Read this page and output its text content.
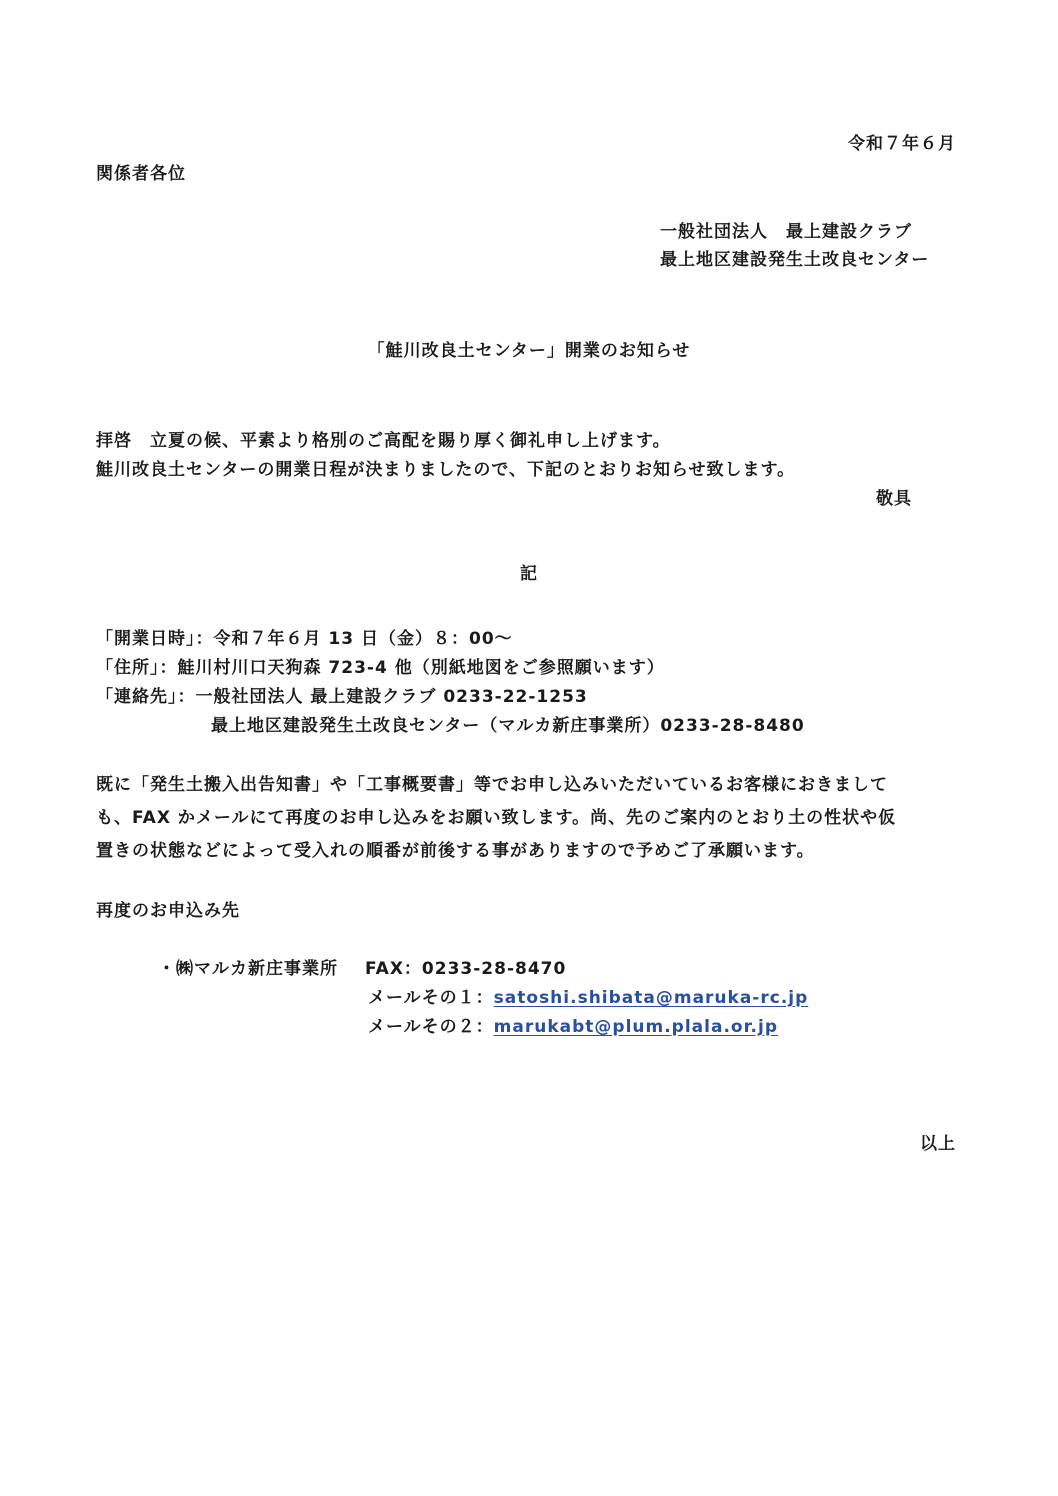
令和７年６月
関係者各位
一般社団法人　最上建設クラブ
最上地区建設発生土改良センター
「鮭川改良土センター」開業のお知らせ
拝啓　立夏の候、平素より格別のご高配を賜り厚く御礼申し上げます。
鮭川改良土センターの開業日程が決まりましたので、下記のとおりお知らせ致します。
敬具
記
「開業日時」：令和７年６月 13 日（金）８：00～
「住所」：鮭川村川口天狗森 723-4 他（別紙地図をご参照願います）
「連絡先」：一般社団法人 最上建設クラブ 0233-22-1253
最上地区建設発生土改良センター（マルカ新庄事業所）0233-28-8480
既に「発生土搬入出告知書」や「工事概要書」等でお申し込みいただいているお客様におきまして
も、FAX かメールにて再度のお申し込みをお願い致します。尚、先のご案内のとおり土の性状や仮
置きの状態などによって受入れの順番が前後する事がありますので予めご了承願います。
再度のお申込み先
・㈱マルカ新庄事業所 FAX：0233-28-8470
メールその１：satoshi.shibata@maruka-rc.jp
メールその２：marukabt@plum.plala.or.jp
以上
